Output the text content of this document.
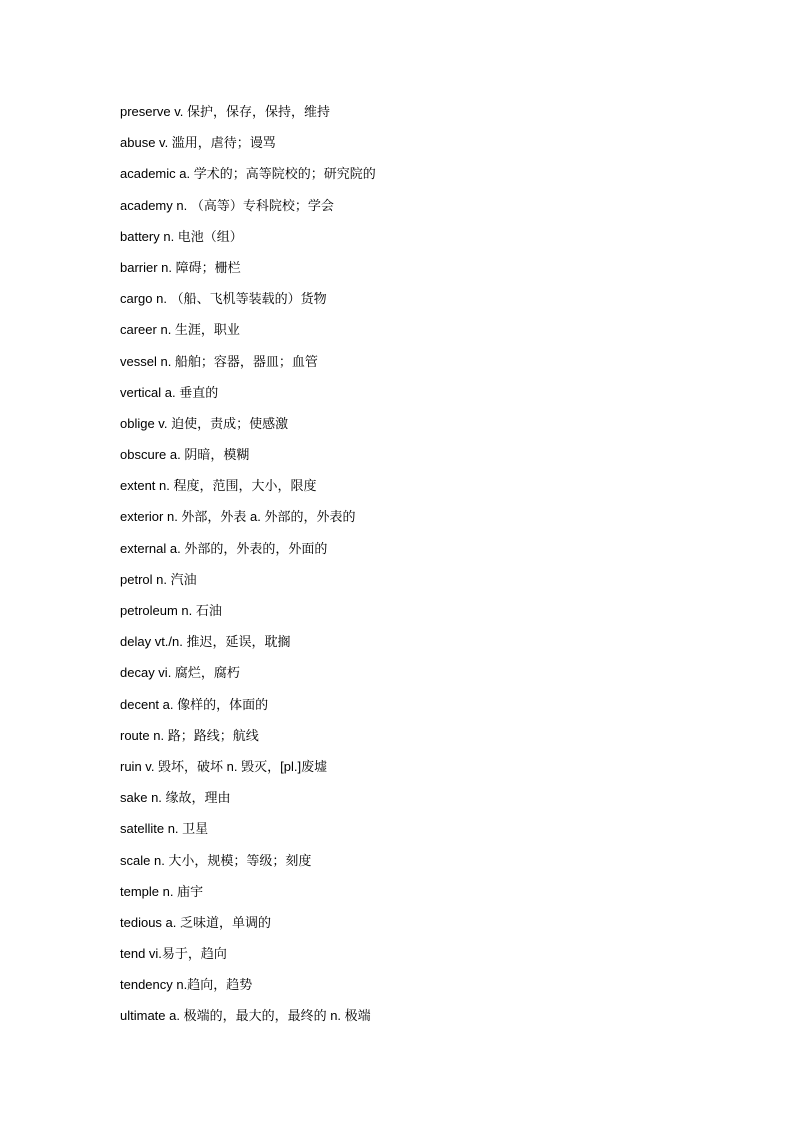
preserve v. 保护，保存，保持，维持
abuse v. 滥用，虐待；谩骂
academic a. 学术的；高等院校的；研究院的
academy n. （高等）专科院校；学会
battery n. 电池（组）
barrier n. 障碍；栅栏
cargo n. （船、飞机等装载的）货物
career n. 生涯，职业
vessel n. 船舶；容器，器皿；血管
vertical a. 垂直的
oblige v. 迫使，责成；使感激
obscure a. 阴暗，模糊
extent n. 程度，范围，大小，限度
exterior n. 外部，外表 a. 外部的，外表的
external a. 外部的，外表的，外面的
petrol n. 汽油
petroleum n. 石油
delay vt./n. 推迟，延误，耽搁
decay vi. 腐烂，腐朽
decent a. 像样的，体面的
route n. 路；路线；航线
ruin v. 毁坏，破坏 n. 毁灭，[pl.]废墟
sake n. 缘故，理由
satellite n. 卫星
scale n. 大小，规模；等级；刻度
temple n. 庙宇
tedious a. 乏味道，单调的
tend vi.易于，趋向
tendency n.趋向，趋势
ultimate a. 极端的，最大的，最终的 n. 极端
